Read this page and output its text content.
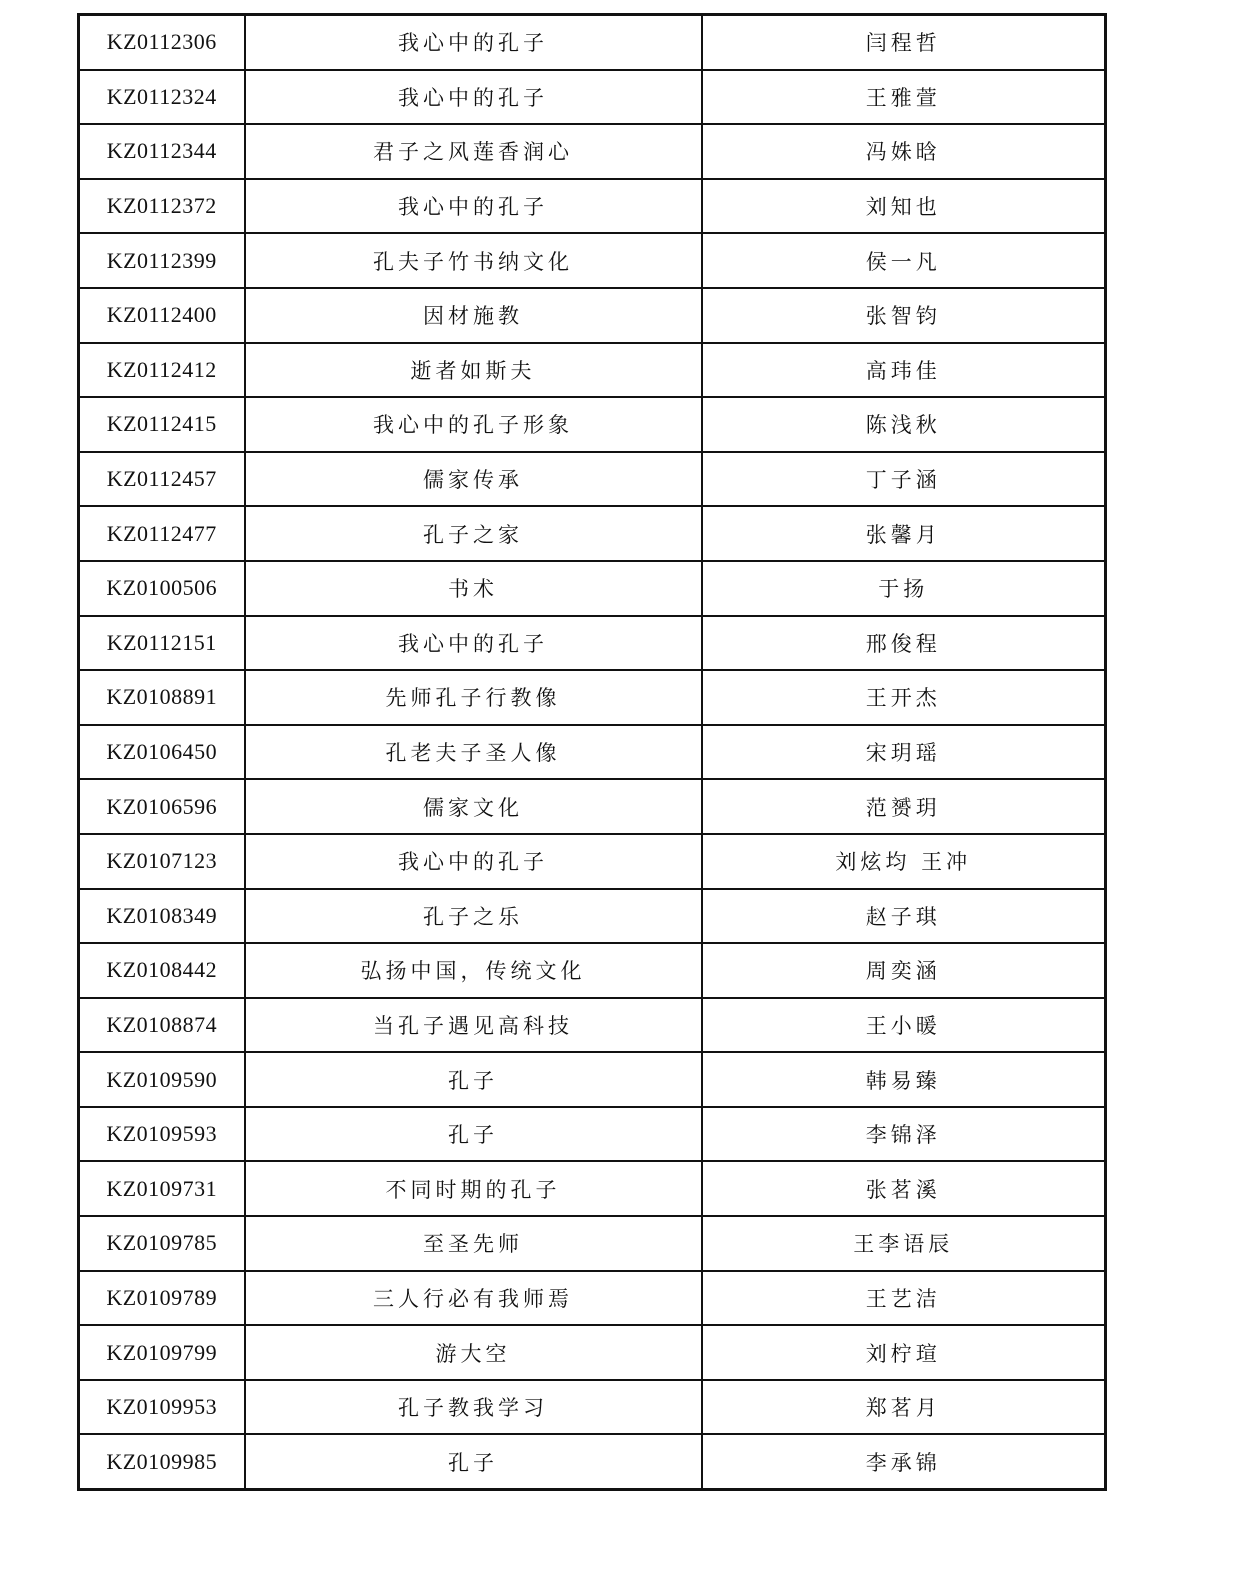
KZ0112306	我心中的孔子	闫程哲
KZ0112324	我心中的孔子	王雅萱
KZ0112344	君子之风莲香润心	冯姝晗
KZ0112372	我心中的孔子	刘知也
KZ0112399	孔夫子竹书纳文化	侯一凡
KZ0112400	因材施教	张智钧
KZ0112412	逝者如斯夫	高玮佳
KZ0112415	我心中的孔子形象	陈浅秋
KZ0112457	儒家传承	丁子涵
KZ0112477	孔子之家	张馨月
KZ0100506	书术	于扬
KZ0112151	我心中的孔子	邢俊程
KZ0108891	先师孔子行教像	王开杰
KZ0106450	孔老夫子圣人像	宋玥瑶
KZ0106596	儒家文化	范赟玥
KZ0107123	我心中的孔子	刘炫均 王冲
KZ0108349	孔子之乐	赵子琪
KZ0108442	弘扬中国，传统文化	周奕涵
KZ0108874	当孔子遇见高科技	王小暖
KZ0109590	孔子	韩易臻
KZ0109593	孔子	李锦泽
KZ0109731	不同时期的孔子	张茗溪
KZ0109785	至圣先师	王李语辰
KZ0109789	三人行必有我师焉	王艺洁
KZ0109799	游大空	刘柠瑄
KZ0109953	孔子教我学习	郑茗月
KZ0109985	孔子	李承锦
